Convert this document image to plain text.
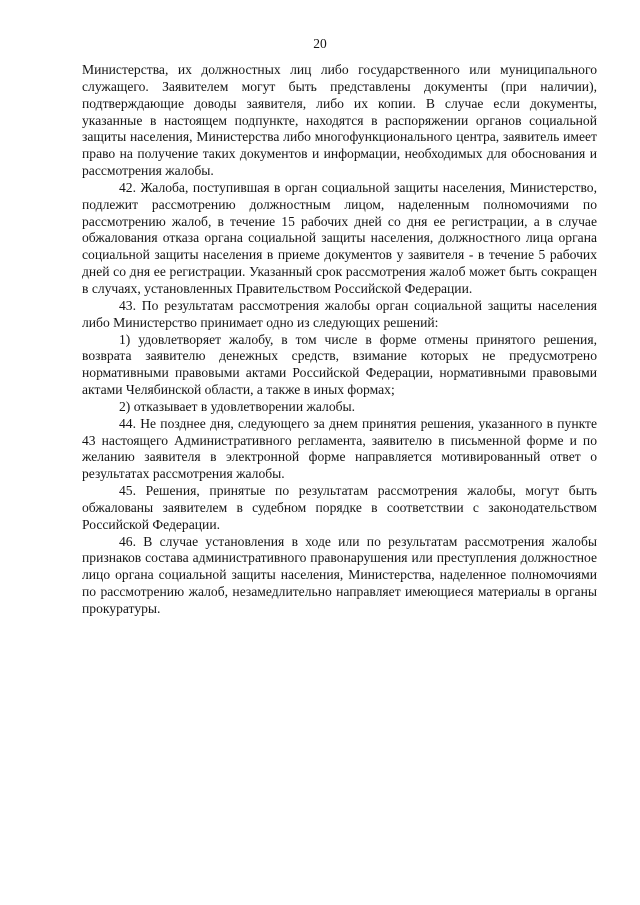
20

Министерства, их должностных лиц либо государственного или муниципального служащего. Заявителем могут быть представлены документы (при наличии), подтверждающие доводы заявителя, либо их копии. В случае если документы, указанные в настоящем подпункте, находятся в распоряжении органов социальной защиты населения, Министерства либо многофункционального центра, заявитель имеет право на получение таких документов и информации, необходимых для обоснования и рассмотрения жалобы.

42. Жалоба, поступившая в орган социальной защиты населения, Министерство, подлежит рассмотрению должностным лицом, наделенным полномочиями по рассмотрению жалоб, в течение 15 рабочих дней со дня ее регистрации, а в случае обжалования отказа органа социальной защиты населения, должностного лица органа социальной защиты населения в приеме документов у заявителя - в течение 5 рабочих дней со дня ее регистрации. Указанный срок рассмотрения жалоб может быть сокращен в случаях, установленных Правительством Российской Федерации.

43. По результатам рассмотрения жалобы орган социальной защиты населения либо Министерство принимает одно из следующих решений:

1) удовлетворяет жалобу, в том числе в форме отмены принятого решения, возврата заявителю денежных средств, взимание которых не предусмотрено нормативными правовыми актами Российской Федерации, нормативными правовыми актами Челябинской области, а также в иных формах;

2) отказывает в удовлетворении жалобы.

44. Не позднее дня, следующего за днем принятия решения, указанного в пункте 43 настоящего Административного регламента, заявителю в письменной форме и по желанию заявителя в электронной форме направляется мотивированный ответ о результатах рассмотрения жалобы.

45. Решения, принятые по результатам рассмотрения жалобы, могут быть обжалованы заявителем в судебном порядке в соответствии с законодательством Российской Федерации.

46. В случае установления в ходе или по результатам рассмотрения жалобы признаков состава административного правонарушения или преступления должностное лицо органа социальной защиты населения, Министерства, наделенное полномочиями по рассмотрению жалоб, незамедлительно направляет имеющиеся материалы в органы прокуратуры.
